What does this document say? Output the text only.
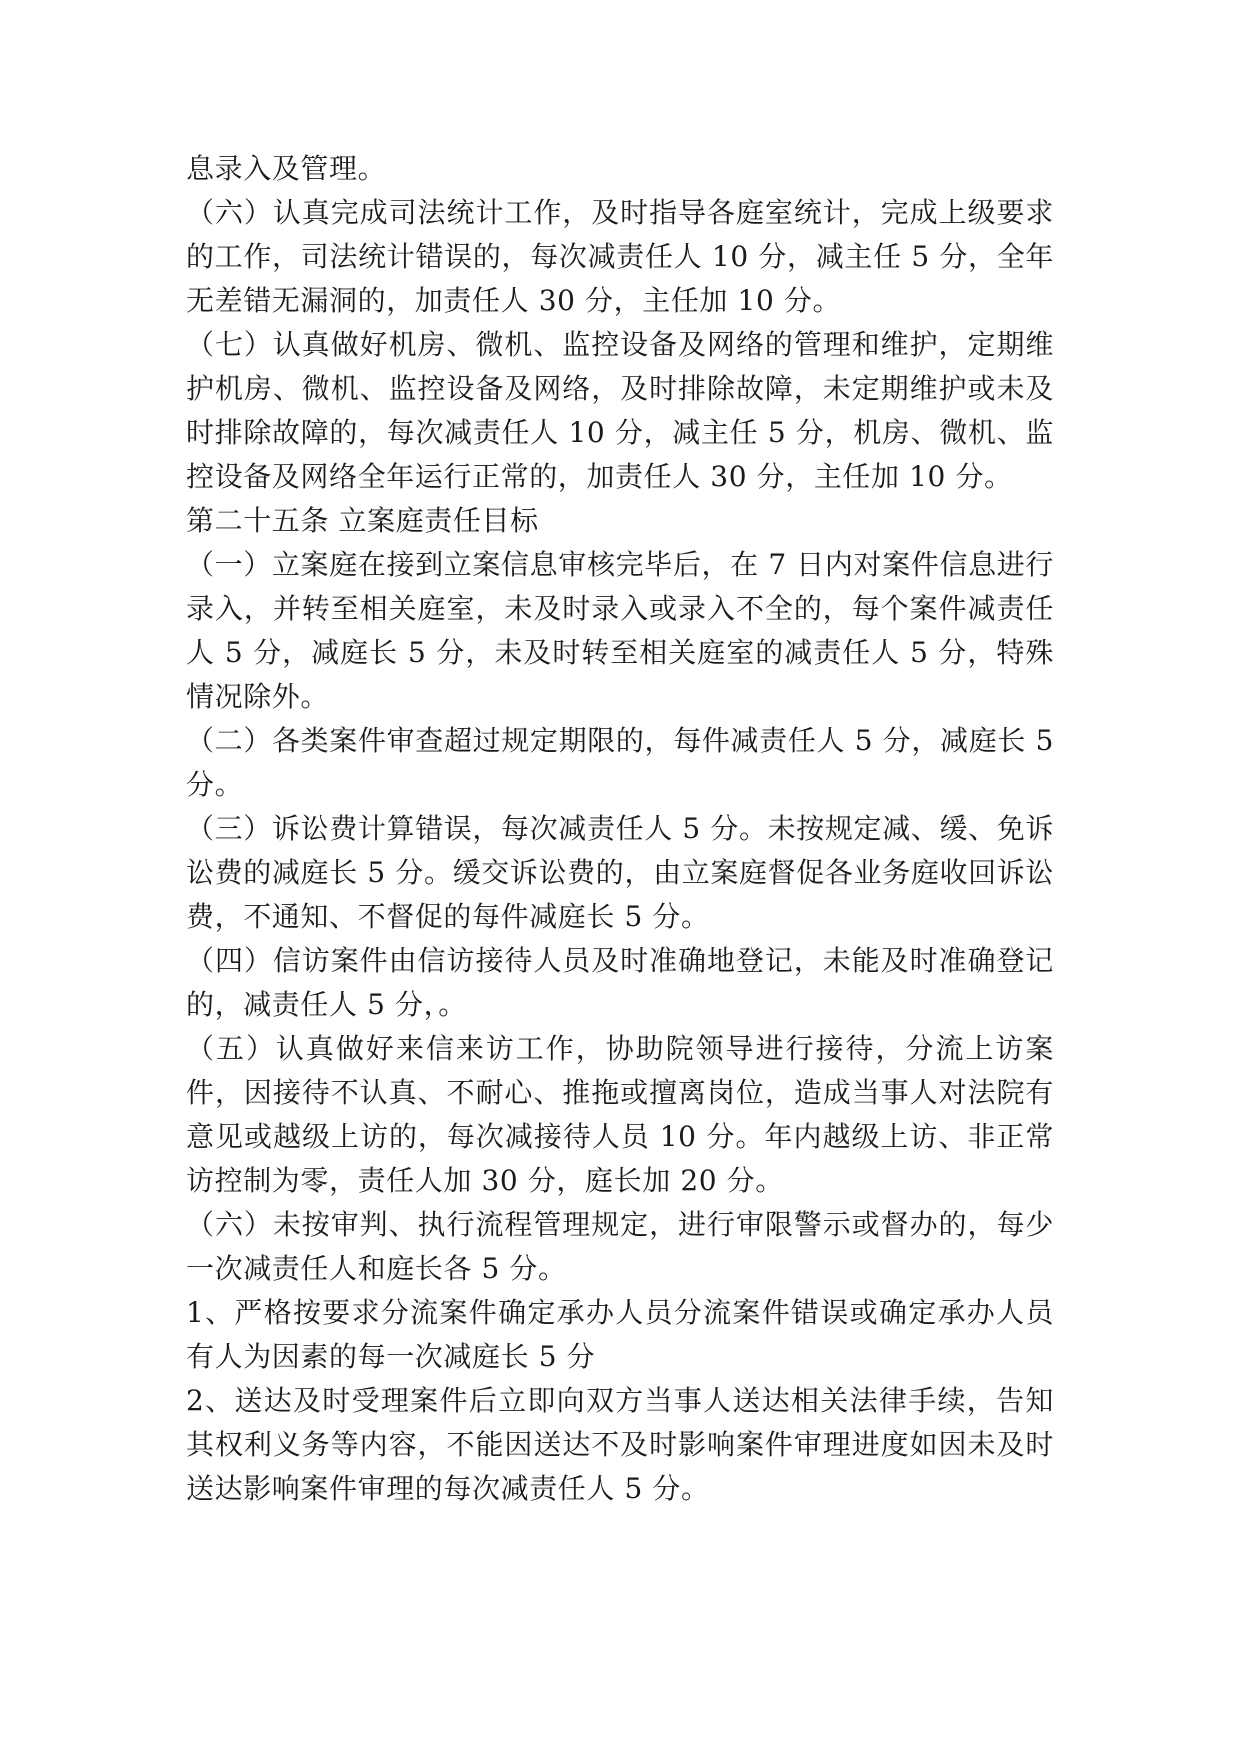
息录入及管理。

（六）认真完成司法统计工作，及时指导各庭室统计，完成上级要求的工作，司法统计错误的，每次减责任人 10 分，减主任 5 分，全年无差错无漏洞的，加责任人 30 分，主任加 10 分。

（七）认真做好机房、微机、监控设备及网络的管理和维护，定期维护机房、微机、监控设备及网络，及时排除故障，未定期维护或未及时排除故障的，每次减责任人 10 分，减主任 5 分，机房、微机、监控设备及网络全年运行正常的，加责任人 30 分，主任加 10 分。

第二十五条 立案庭责任目标

（一）立案庭在接到立案信息审核完毕后，在 7 日内对案件信息进行录入，并转至相关庭室，未及时录入或录入不全的，每个案件减责任人 5 分，减庭长 5 分，未及时转至相关庭室的减责任人 5 分，特殊情况除外。

（二）各类案件审查超过规定期限的，每件减责任人 5 分，减庭长 5 分。

（三）诉讼费计算错误，每次减责任人 5 分。未按规定减、缓、免诉讼费的减庭长 5 分。缓交诉讼费的，由立案庭督促各业务庭收回诉讼费，不通知、不督促的每件减庭长 5 分。

（四）信访案件由信访接待人员及时准确地登记，未能及时准确登记的，减责任人 5 分，。

（五）认真做好来信来访工作，协助院领导进行接待，分流上访案件，因接待不认真、不耐心、推拖或擅离岗位，造成当事人对法院有意见或越级上访的，每次减接待人员 10 分。年内越级上访、非正常访控制为零，责任人加 30 分，庭长加 20 分。

（六）未按审判、执行流程管理规定，进行审限警示或督办的，每少一次减责任人和庭长各 5 分。

1、严格按要求分流案件确定承办人员分流案件错误或确定承办人员有人为因素的每一次减庭长 5 分

2、送达及时受理案件后立即向双方当事人送达相关法律手续，告知其权利义务等内容，不能因送达不及时影响案件审理进度如因未及时送达影响案件审理的每次减责任人 5 分。
